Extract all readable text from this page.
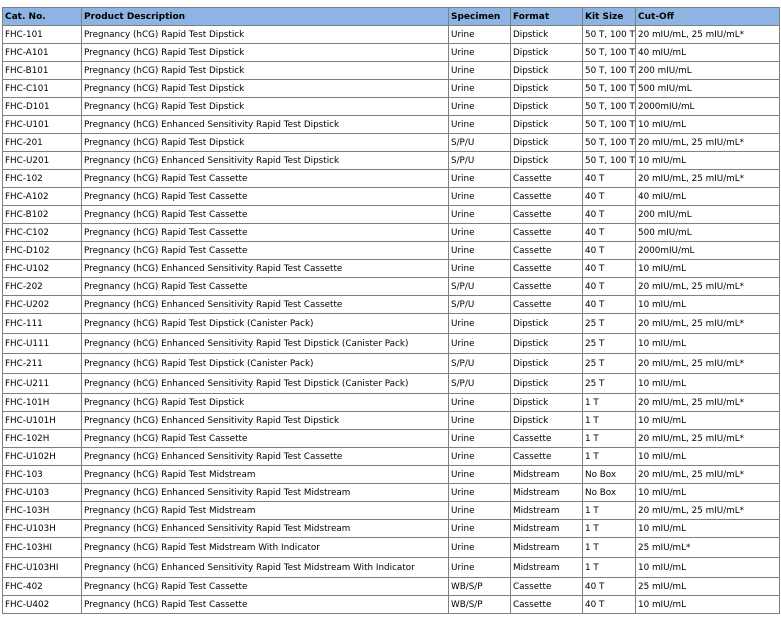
Cat. No.	Product Description	Specimen	Format	Kit Size	Cut-Off
FHC-101	Pregnancy (hCG) Rapid Test Dipstick	Urine	Dipstick	50 T, 100 T	20 mIU/mL, 25 mIU/mL*
FHC-A101	Pregnancy (hCG) Rapid Test Dipstick	Urine	Dipstick	50 T, 100 T	40 mIU/mL
FHC-B101	Pregnancy (hCG) Rapid Test Dipstick	Urine	Dipstick	50 T, 100 T	200 mIU/mL
FHC-C101	Pregnancy (hCG) Rapid Test Dipstick	Urine	Dipstick	50 T, 100 T	500 mIU/mL
FHC-D101	Pregnancy (hCG) Rapid Test Dipstick	Urine	Dipstick	50 T, 100 T	2000mIU/mL
FHC-U101	Pregnancy (hCG) Enhanced Sensitivity Rapid Test Dipstick	Urine	Dipstick	50 T, 100 T	10 mIU/mL
FHC-201	Pregnancy (hCG) Rapid Test Dipstick	S/P/U	Dipstick	50 T, 100 T	20 mIU/mL, 25 mIU/mL*
FHC-U201	Pregnancy (hCG) Enhanced Sensitivity Rapid Test Dipstick	S/P/U	Dipstick	50 T, 100 T	10 mIU/mL
FHC-102	Pregnancy (hCG) Rapid Test Cassette	Urine	Cassette	40 T	20 mIU/mL, 25 mIU/mL*
FHC-A102	Pregnancy (hCG) Rapid Test Cassette	Urine	Cassette	40 T	40 mIU/mL
FHC-B102	Pregnancy (hCG) Rapid Test Cassette	Urine	Cassette	40 T	200 mIU/mL
FHC-C102	Pregnancy (hCG) Rapid Test Cassette	Urine	Cassette	40 T	500 mIU/mL
FHC-D102	Pregnancy (hCG) Rapid Test Cassette	Urine	Cassette	40 T	2000mIU/mL
FHC-U102	Pregnancy (hCG) Enhanced Sensitivity Rapid Test Cassette	Urine	Cassette	40 T	10 mIU/mL
FHC-202	Pregnancy (hCG) Rapid Test Cassette	S/P/U	Cassette	40 T	20 mIU/mL, 25 mIU/mL*
FHC-U202	Pregnancy (hCG) Enhanced Sensitivity Rapid Test Cassette	S/P/U	Cassette	40 T	10 mIU/mL
FHC-111	Pregnancy (hCG) Rapid Test Dipstick (Canister Pack)	Urine	Dipstick	25 T	20 mIU/mL, 25 mIU/mL*
FHC-U111	Pregnancy (hCG) Enhanced Sensitivity Rapid Test Dipstick (Canister Pack)	Urine	Dipstick	25 T	10 mIU/mL
FHC-211	Pregnancy (hCG) Rapid Test Dipstick (Canister Pack)	S/P/U	Dipstick	25 T	20 mIU/mL, 25 mIU/mL*
FHC-U211	Pregnancy (hCG) Enhanced Sensitivity Rapid Test Dipstick (Canister Pack)	S/P/U	Dipstick	25 T	10 mIU/mL
FHC-101H	Pregnancy (hCG) Rapid Test Dipstick	Urine	Dipstick	1 T	20 mIU/mL, 25 mIU/mL*
FHC-U101H	Pregnancy (hCG) Enhanced Sensitivity Rapid Test Dipstick	Urine	Dipstick	1 T	10 mIU/mL
FHC-102H	Pregnancy (hCG) Rapid Test Cassette	Urine	Cassette	1 T	20 mIU/mL, 25 mIU/mL*
FHC-U102H	Pregnancy (hCG) Enhanced Sensitivity Rapid Test Cassette	Urine	Cassette	1 T	10 mIU/mL
FHC-103	Pregnancy (hCG) Rapid Test Midstream	Urine	Midstream	No Box	20 mIU/mL, 25 mIU/mL*
FHC-U103	Pregnancy (hCG) Enhanced Sensitivity Rapid Test Midstream	Urine	Midstream	No Box	10 mIU/mL
FHC-103H	Pregnancy (hCG) Rapid Test Midstream	Urine	Midstream	1 T	20 mIU/mL, 25 mIU/mL*
FHC-U103H	Pregnancy (hCG) Enhanced Sensitivity Rapid Test Midstream	Urine	Midstream	1 T	10 mIU/mL
FHC-103HI	Pregnancy (hCG) Rapid Test Midstream With Indicator	Urine	Midstream	1 T	25 mIU/mL*
FHC-U103HI	Pregnancy (hCG) Enhanced Sensitivity Rapid Test Midstream With Indicator	Urine	Midstream	1 T	10 mIU/mL
FHC-402	Pregnancy (hCG) Rapid Test Cassette	WB/S/P	Cassette	40 T	25 mIU/mL
FHC-U402	Pregnancy (hCG) Rapid Test Cassette	WB/S/P	Cassette	40 T	10 mIU/mL
